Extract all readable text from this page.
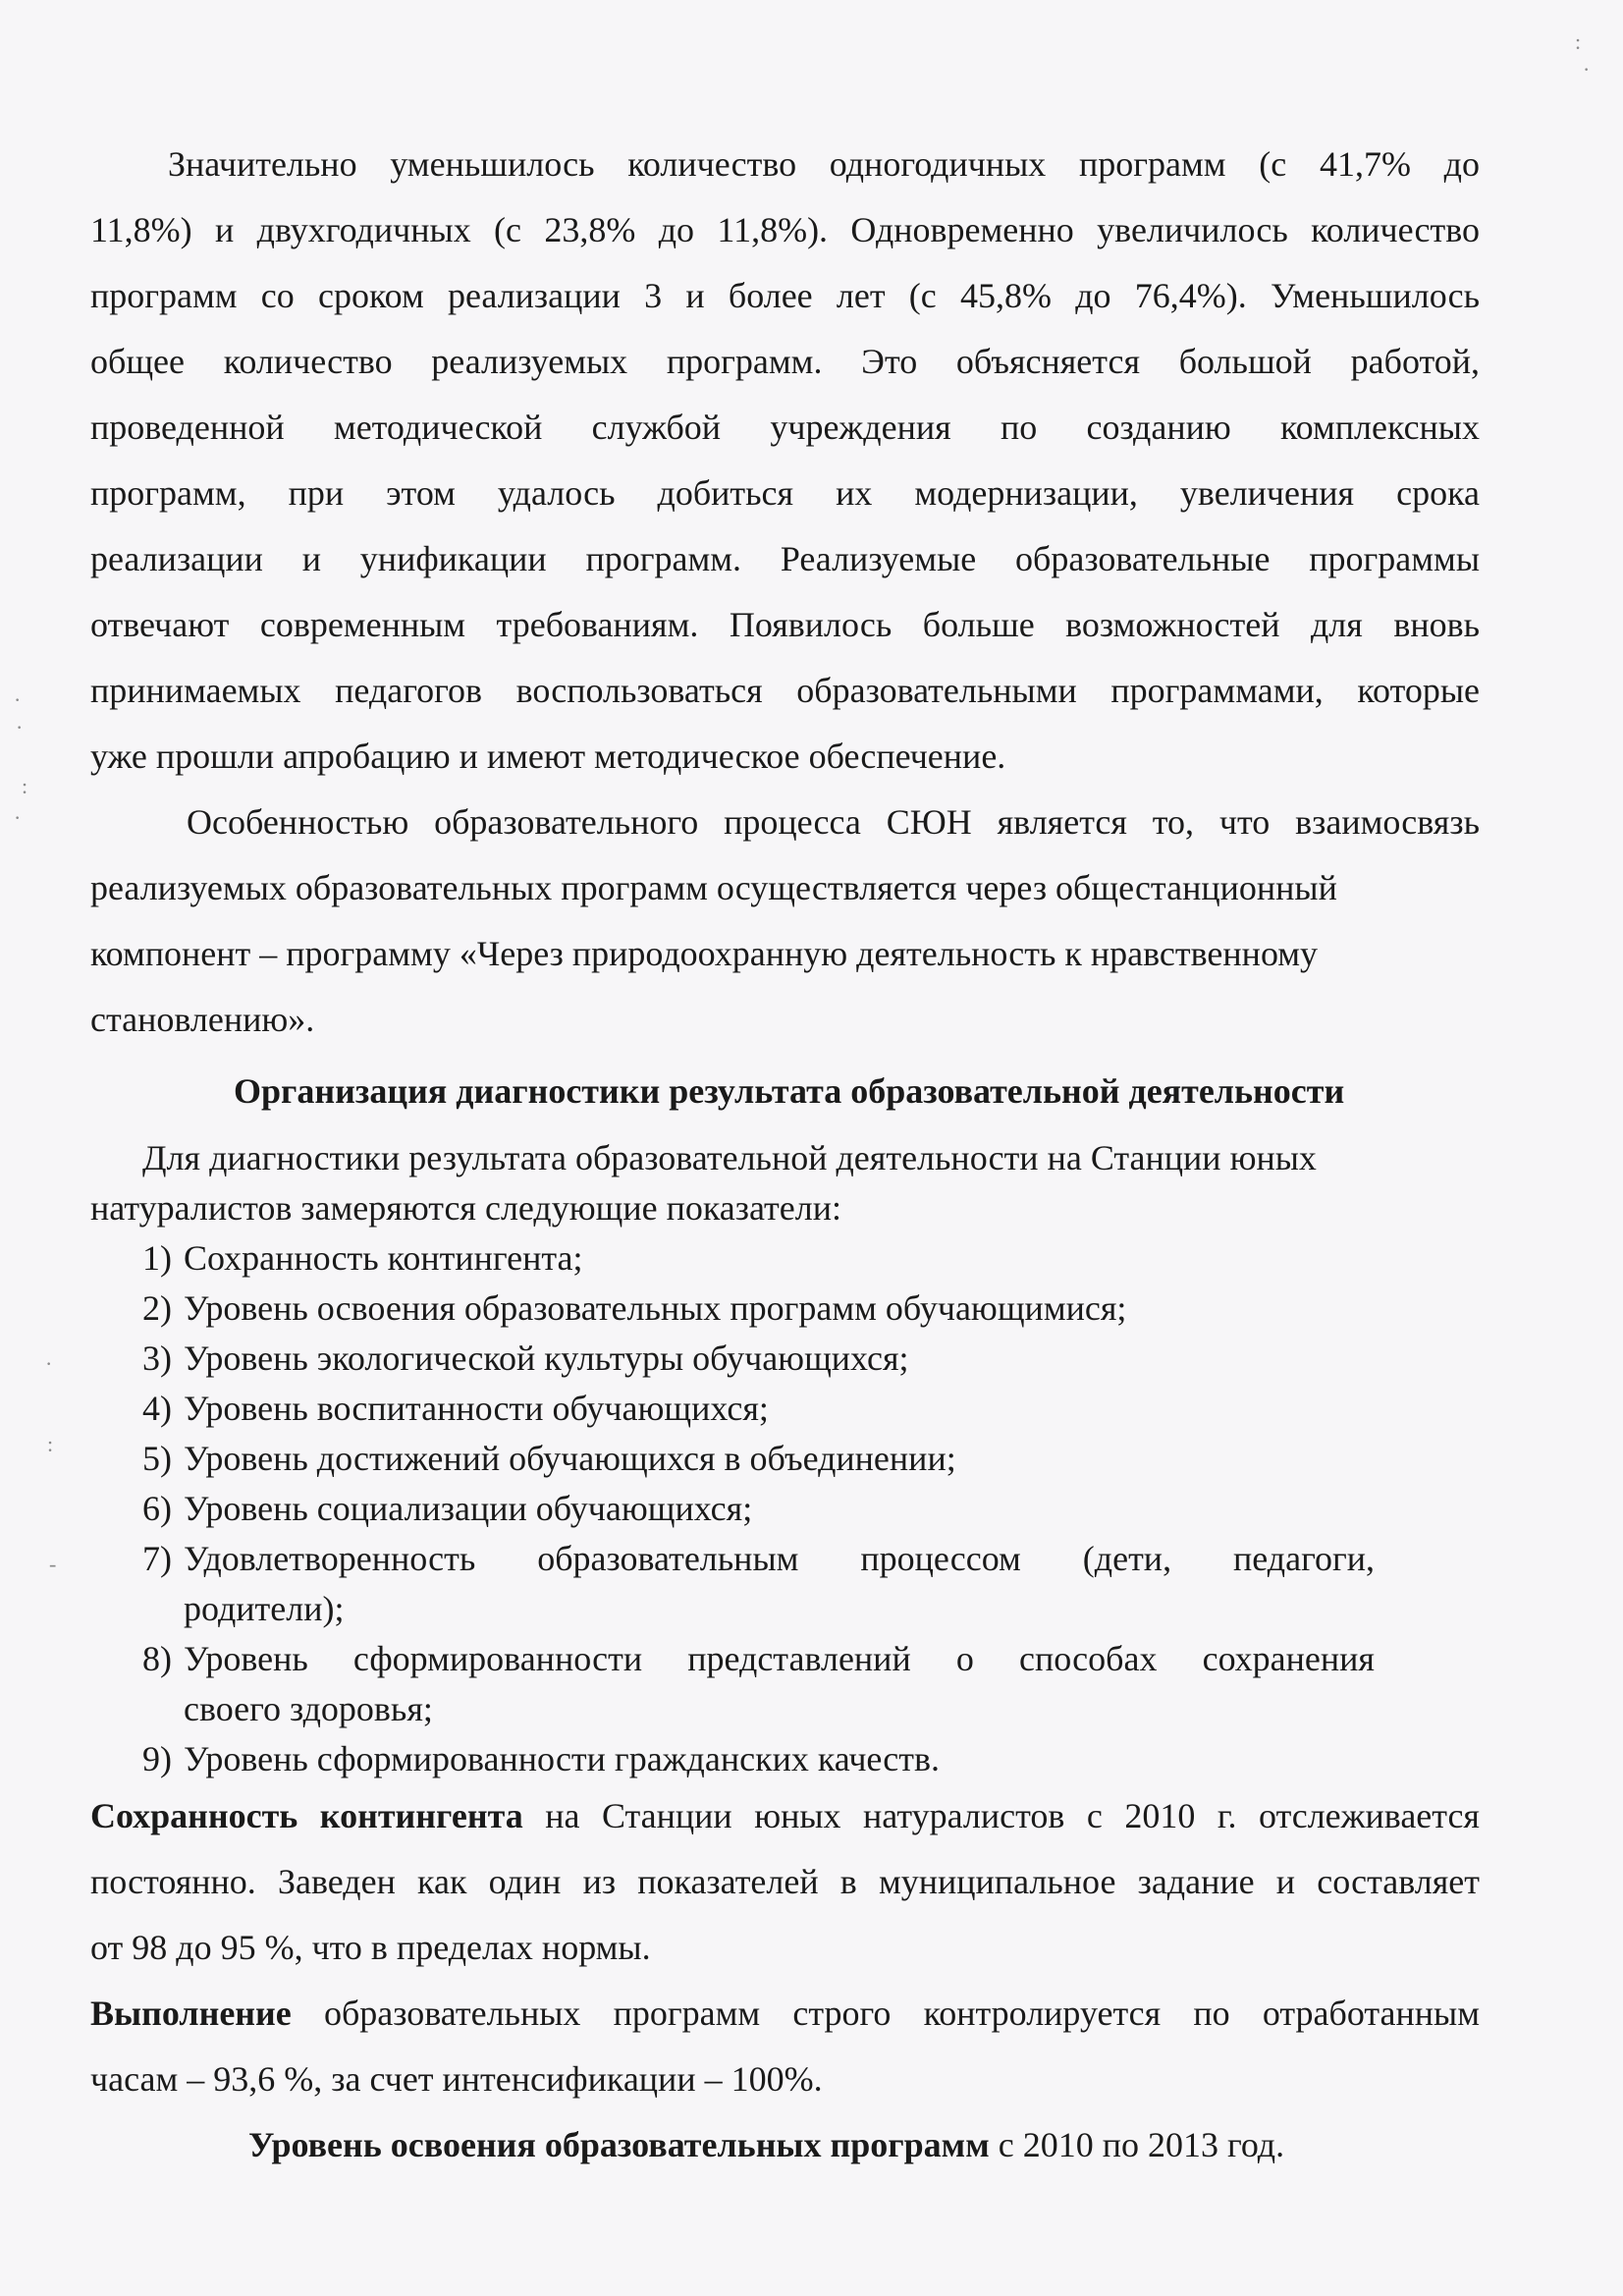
Значительно уменьшилось количество одногодичных программ (с 41,7% до
11,8%) и двухгодичных (с 23,8% до 11,8%). Одновременно увеличилось количество
программ со сроком реализации 3 и более лет (с 45,8% до 76,4%). Уменьшилось
общее количество реализуемых программ. Это объясняется большой работой,
проведенной методической службой учреждения по созданию комплексных
программ, при этом удалось добиться их модернизации, увеличения срока
реализации и унификации программ. Реализуемые образовательные программы
отвечают современным требованиям. Появилось больше возможностей для вновь
принимаемых педагогов воспользоваться образовательными программами, которые
уже прошли апробацию и имеют методическое обеспечение.
Особенностью образовательного процесса СЮН является то, что взаимосвязь
реализуемых образовательных программ осуществляется через общестанционный
компонент – программу «Через природоохранную деятельность к нравственному
становлению».
Организация диагностики результата образовательной деятельности
Для диагностики результата образовательной деятельности на Станции юных
натуралистов замеряются следующие показатели:
1) Сохранность контингента;
2) Уровень освоения образовательных программ обучающимися;
3) Уровень экологической культуры обучающихся;
4) Уровень воспитанности обучающихся;
5) Уровень достижений обучающихся в объединении;
6) Уровень социализации обучающихся;
7) Удовлетворенность образовательным процессом (дети, педагоги,
родители);
8) Уровень сформированности представлений о способах сохранения
своего здоровья;
9) Уровень сформированности гражданских качеств.
Сохранность контингента на Станции юных натуралистов с 2010 г. отслеживается
постоянно. Заведен как один из показателей в муниципальное задание и составляет
от 98 до 95 %, что в пределах нормы.
Выполнение образовательных программ строго контролируется по отработанным
часам – 93,6 %, за счет интенсификации – 100%.
Уровень освоения образовательных программ с 2010 по 2013 год.
·
·
:
·
·
:
-
:
·
